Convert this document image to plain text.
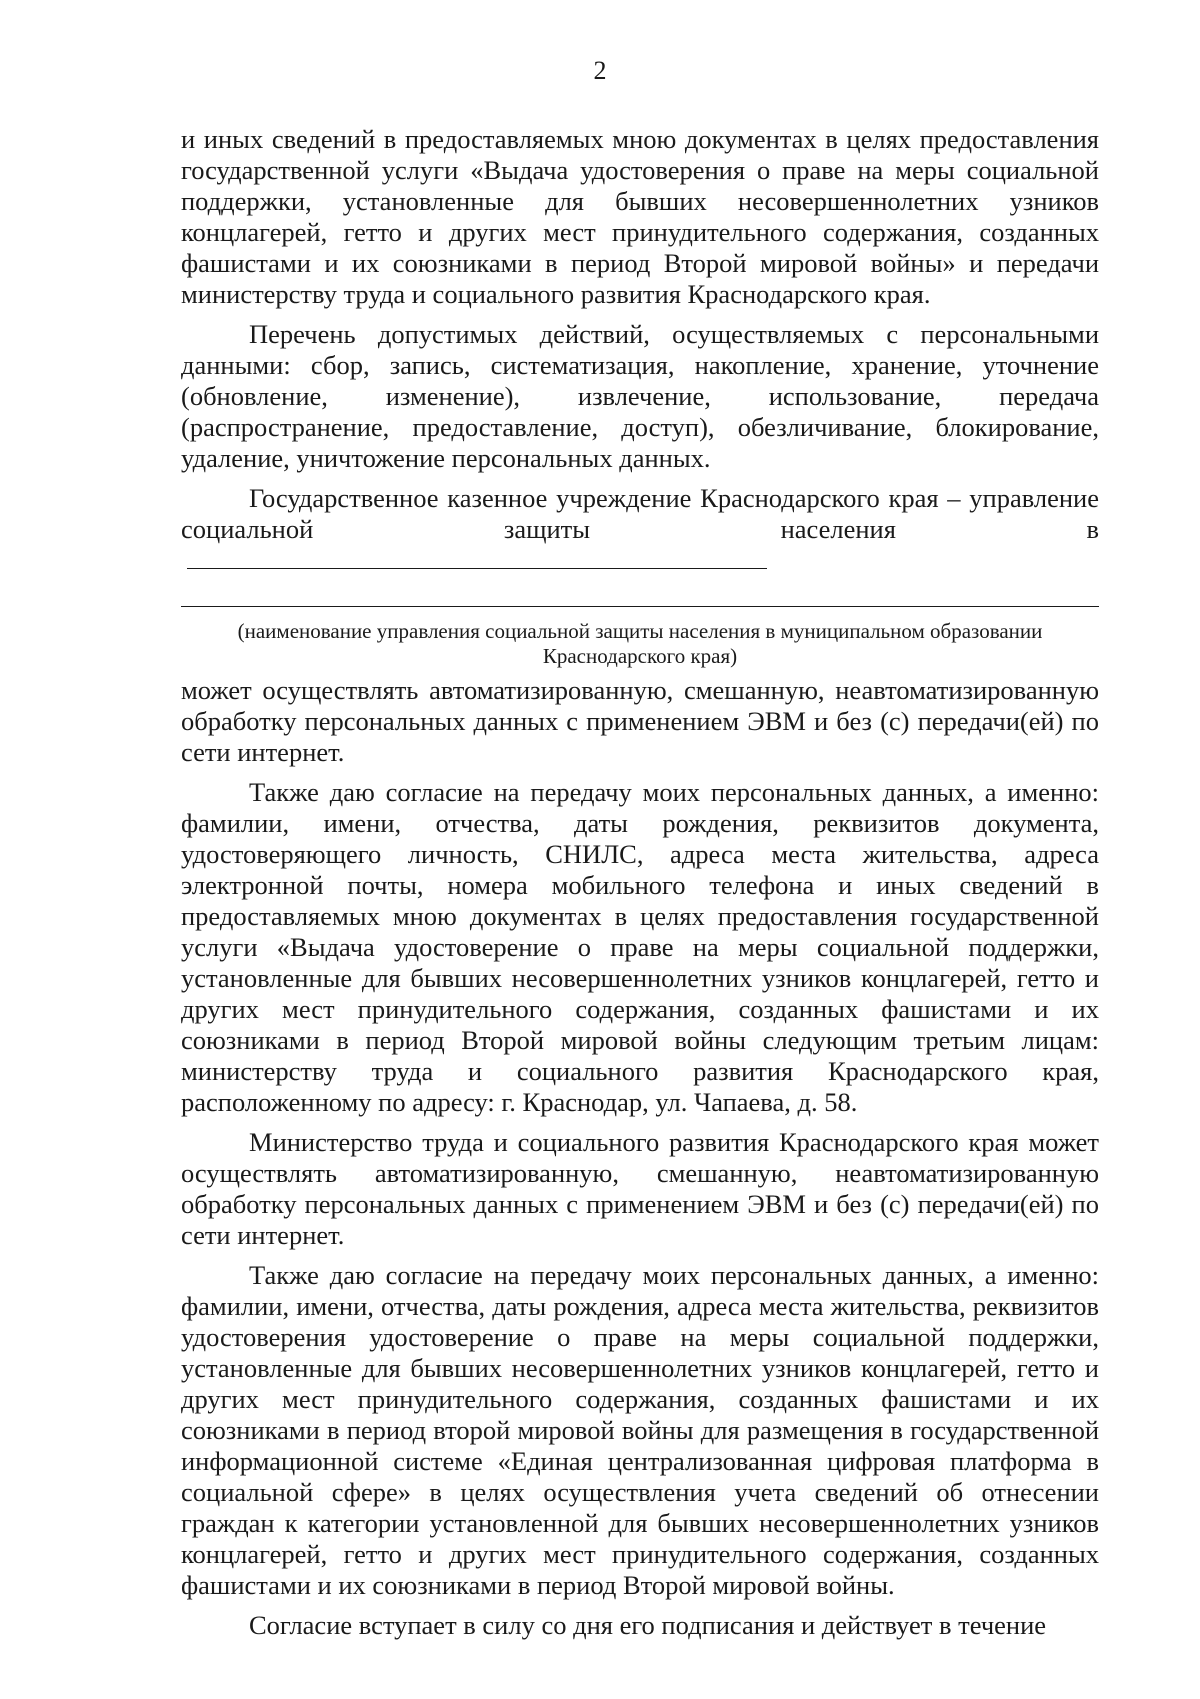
2

и иных сведений в предоставляемых мною документах в целях предоставления государственной услуги «Выдача удостоверения о праве на меры социальной поддержки, установленные для бывших несовершеннолетних узников концлагерей, гетто и других мест принудительного содержания, созданных фашистами и их союзниками в период Второй мировой войны» и передачи министерству труда и социального развития Краснодарского края.

Перечень допустимых действий, осуществляемых с персональными данными: сбор, запись, систематизация, накопление, хранение, уточнение (обновление, изменение), извлечение, использование, передача (распространение, предоставление, доступ), обезличивание, блокирование, удаление, уничтожение персональных данных.

Государственное казенное учреждение Краснодарского края – управление социальной защиты населения в

(наименование управления социальной защиты населения в муниципальном образовании Краснодарского края)

может осуществлять автоматизированную, смешанную, неавтоматизированную обработку персональных данных с применением ЭВМ и без (с) передачи(ей) по сети интернет.

Также даю согласие на передачу моих персональных данных, а именно: фамилии, имени, отчества, даты рождения, реквизитов документа, удостоверяющего личность, СНИЛС, адреса места жительства, адреса электронной почты, номера мобильного телефона и иных сведений в предоставляемых мною документах в целях предоставления государственной услуги «Выдача удостоверение о праве на меры социальной поддержки, установленные для бывших несовершеннолетних узников концлагерей, гетто и других мест принудительного содержания, созданных фашистами и их союзниками в период Второй мировой войны следующим третьим лицам: министерству труда и социального развития Краснодарского края, расположенному по адресу: г. Краснодар, ул. Чапаева, д. 58.

Министерство труда и социального развития Краснодарского края может осуществлять автоматизированную, смешанную, неавтоматизированную обработку персональных данных с применением ЭВМ и без (с) передачи(ей) по сети интернет.

Также даю согласие на передачу моих персональных данных, а именно: фамилии, имени, отчества, даты рождения, адреса места жительства, реквизитов удостоверения удостоверение о праве на меры социальной поддержки, установленные для бывших несовершеннолетних узников концлагерей, гетто и других мест принудительного содержания, созданных фашистами и их союзниками в период второй мировой войны для размещения в государственной информационной системе «Единая централизованная цифровая платформа в социальной сфере» в целях осуществления учета сведений об отнесении граждан к категории установленной для бывших несовершеннолетних узников концлагерей, гетто и других мест принудительного содержания, созданных фашистами и их союзниками в период Второй мировой войны.

Согласие вступает в силу со дня его подписания и действует в течение
